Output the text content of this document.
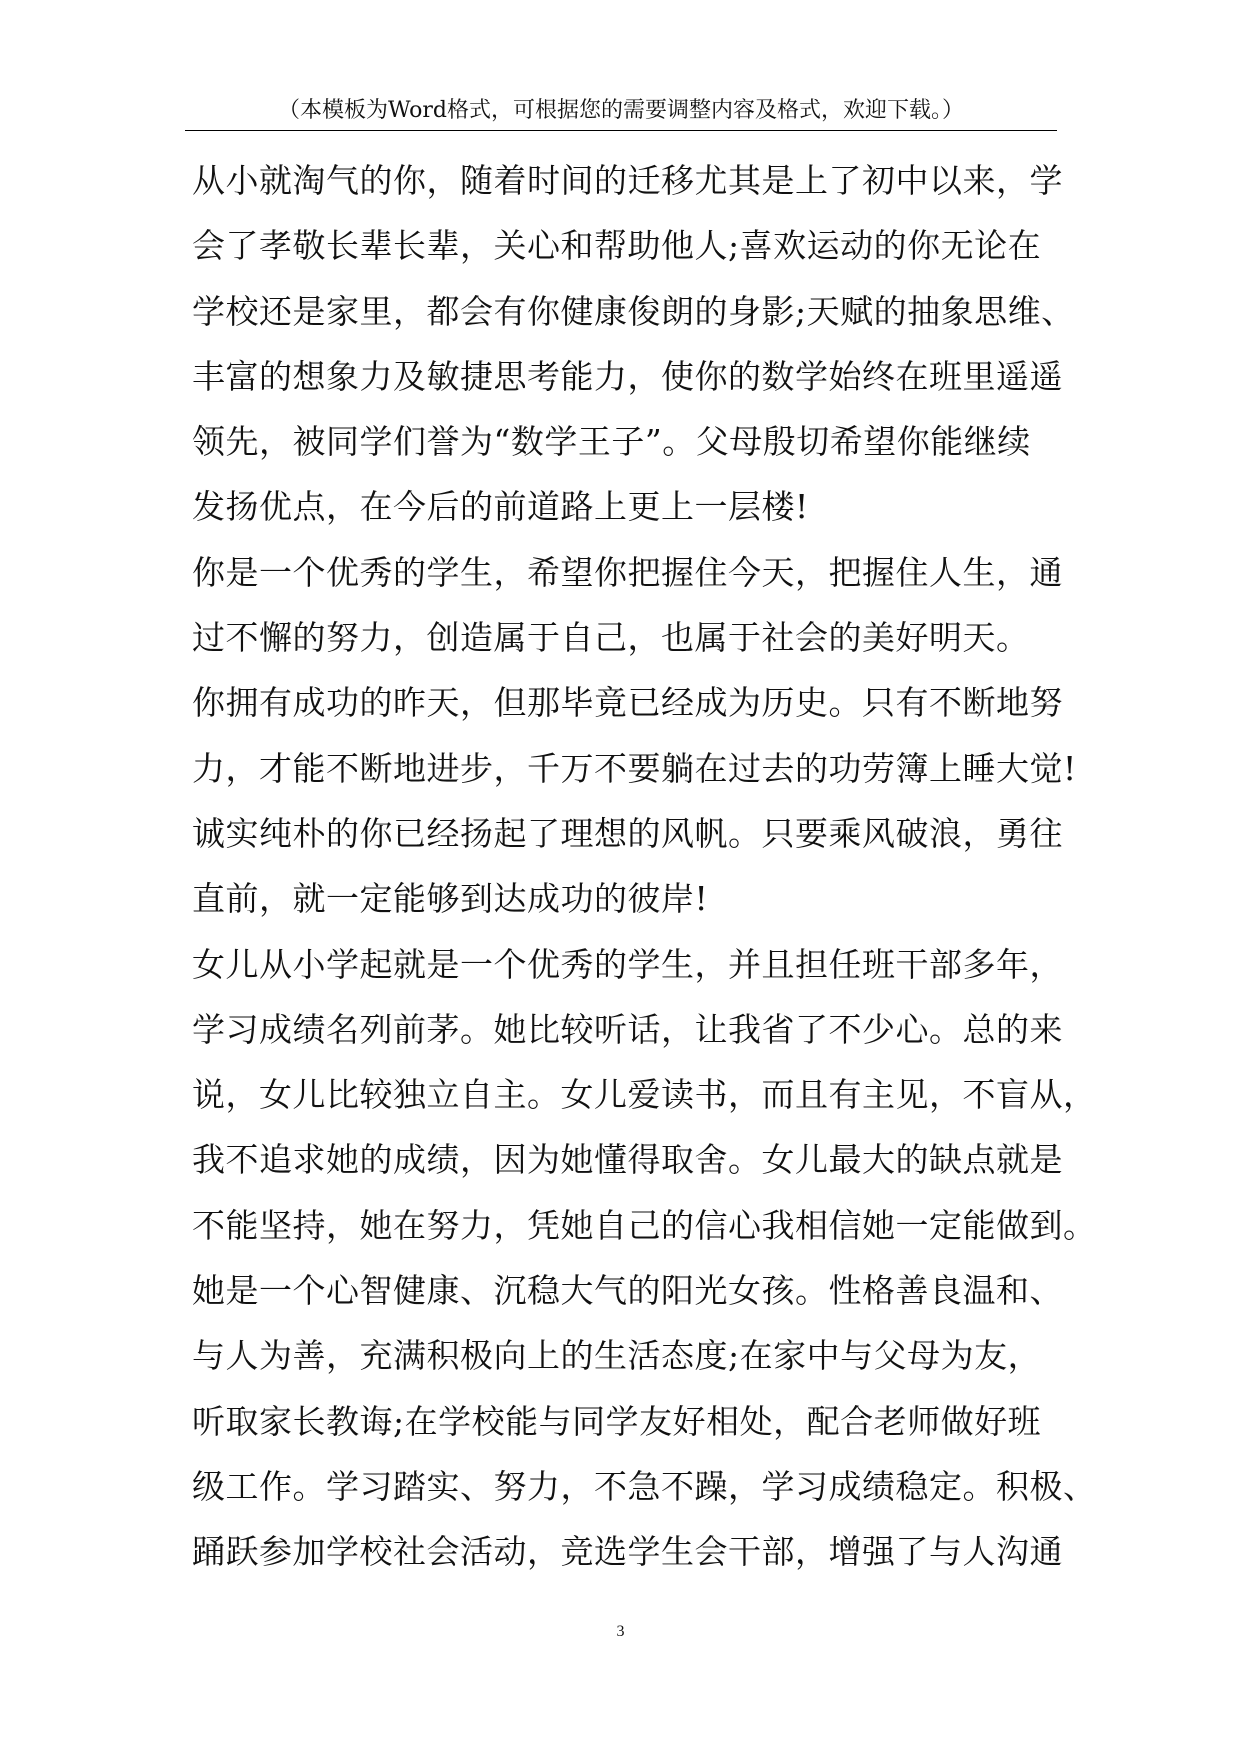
（本模板为Word格式，可根据您的需要调整内容及格式，欢迎下载。）
从小就淘气的你，随着时间的迁移尤其是上了初中以来，学
会了孝敬长辈长辈，关心和帮助他人;喜欢运动的你无论在
学校还是家里，都会有你健康俊朗的身影;天赋的抽象思维、
丰富的想象力及敏捷思考能力，使你的数学始终在班里遥遥
领先，被同学们誉为“数学王子”。父母殷切希望你能继续
发扬优点，在今后的前道路上更上一层楼!
你是一个优秀的学生，希望你把握住今天，把握住人生，通
过不懈的努力，创造属于自己，也属于社会的美好明天。
你拥有成功的昨天，但那毕竟已经成为历史。只有不断地努
力，才能不断地进步，千万不要躺在过去的功劳簿上睡大觉!
诚实纯朴的你已经扬起了理想的风帆。只要乘风破浪，勇往
直前，就一定能够到达成功的彼岸!
女儿从小学起就是一个优秀的学生，并且担任班干部多年，
学习成绩名列前茅。她比较听话，让我省了不少心。总的来
说，女儿比较独立自主。女儿爱读书，而且有主见，不盲从，
我不追求她的成绩，因为她懂得取舍。女儿最大的缺点就是
不能坚持，她在努力，凭她自己的信心我相信她一定能做到。
她是一个心智健康、沉稳大气的阳光女孩。性格善良温和、
与人为善，充满积极向上的生活态度;在家中与父母为友，
听取家长教诲;在学校能与同学友好相处，配合老师做好班
级工作。学习踏实、努力，不急不躁，学习成绩稳定。积极、
踊跃参加学校社会活动，竞选学生会干部，增强了与人沟通
3
